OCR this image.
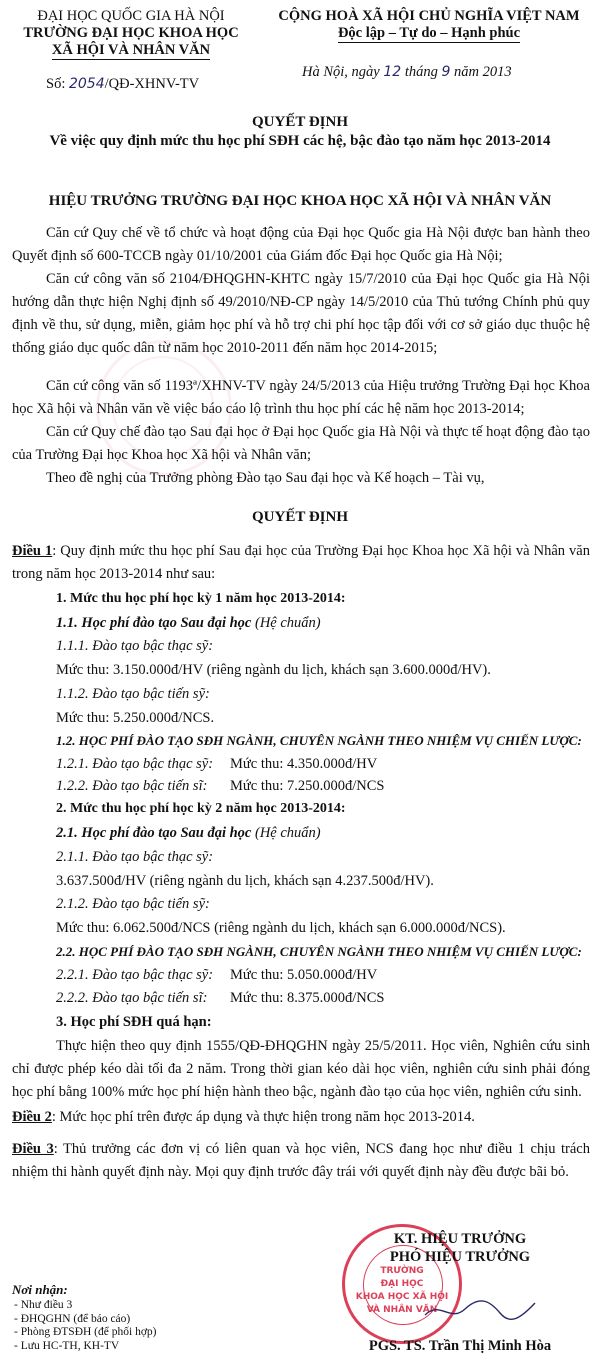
ĐẠI HỌC QUỐC GIA HÀ NỘI
TRƯỜNG ĐẠI HỌC KHOA HỌC
XÃ HỘI VÀ NHÂN VĂN
Số: 2054/QĐ-XHNV-TV
CỘNG HOÀ XÃ HỘI CHỦ NGHĨA VIỆT NAM
Độc lập – Tự do – Hạnh phúc
Hà Nội, ngày 12 tháng 9 năm 2013
QUYẾT ĐỊNH
Về việc quy định mức thu học phí SĐH các hệ, bậc đào tạo năm học 2013-2014
HIỆU TRƯỞNG TRƯỜNG ĐẠI HỌC KHOA HỌC XÃ HỘI VÀ NHÂN VĂN
Căn cứ Quy chế về tổ chức và hoạt động của Đại học Quốc gia Hà Nội được ban hành theo Quyết định số 600-TCCB ngày 01/10/2001 của Giám đốc Đại học Quốc gia Hà Nội;
Căn cứ công văn số 2104/ĐHQGHN-KHTC ngày 15/7/2010 của Đại học Quốc gia Hà Nội hướng dẫn thực hiện Nghị định số 49/2010/NĐ-CP ngày 14/5/2010 của Thủ tướng Chính phủ quy định về thu, sử dụng, miễn, giảm học phí và hỗ trợ chi phí học tập đối với cơ sở giáo dục thuộc hệ thống giáo dục quốc dân từ năm học 2010-2011 đến năm học 2014-2015;
Căn cứ công văn số 1193ª/XHNV-TV ngày 24/5/2013 của Hiệu trưởng Trường Đại học Khoa học Xã hội và Nhân văn về việc báo cáo lộ trình thu học phí các hệ năm học 2013-2014;
Căn cứ Quy chế đào tạo Sau đại học ở Đại học Quốc gia Hà Nội và thực tế hoạt động đào tạo của Trường Đại học Khoa học Xã hội và Nhân văn;
Theo đề nghị của Trưởng phòng Đào tạo Sau đại học và Kế hoạch – Tài vụ,
QUYẾT ĐỊNH
Điều 1: Quy định mức thu học phí Sau đại học của Trường Đại học Khoa học Xã hội và Nhân văn trong năm học 2013-2014 như sau:
1. Mức thu học phí học kỳ 1 năm học 2013-2014:
1.1. Học phí đào tạo Sau đại học (Hệ chuẩn)
1.1.1. Đào tạo bậc thạc sỹ:
Mức thu: 3.150.000đ/HV (riêng ngành du lịch, khách sạn 3.600.000đ/HV).
1.1.2. Đào tạo bậc tiến sỹ:
Mức thu: 5.250.000đ/NCS.
1.2. HỌC PHÍ ĐÀO TẠO SĐH NGÀNH, CHUYÊN NGÀNH THEO NHIỆM VỤ CHIẾN LƯỢC:
1.2.1. Đào tạo bậc thạc sỹ: Mức thu: 4.350.000đ/HV
1.2.2. Đào tạo bậc tiến sĩ: Mức thu: 7.250.000đ/NCS
2. Mức thu học phí học kỳ 2 năm học 2013-2014:
2.1. Học phí đào tạo Sau đại học (Hệ chuẩn)
2.1.1. Đào tạo bậc thạc sỹ:
3.637.500đ/HV (riêng ngành du lịch, khách sạn 4.237.500đ/HV).
2.1.2. Đào tạo bậc tiến sỹ:
Mức thu: 6.062.500đ/NCS (riêng ngành du lịch, khách sạn 6.000.000đ/NCS).
2.2. HỌC PHÍ ĐÀO TẠO SĐH NGÀNH, CHUYÊN NGÀNH THEO NHIỆM VỤ CHIẾN LƯỢC:
2.2.1. Đào tạo bậc thạc sỹ: Mức thu: 5.050.000đ/HV
2.2.2. Đào tạo bậc tiến sĩ: Mức thu: 8.375.000đ/NCS
3. Học phí SĐH quá hạn:
Thực hiện theo quy định 1555/QĐ-ĐHQGHN ngày 25/5/2011. Học viên, Nghiên cứu sinh chỉ được phép kéo dài tối đa 2 năm. Trong thời gian kéo dài học viên, nghiên cứu sinh phải đóng học phí bằng 100% mức học phí hiện hành theo bậc, ngành đào tạo của học viên, nghiên cứu sinh.
Điều 2: Mức học phí trên được áp dụng và thực hiện trong năm học 2013-2014.
Điều 3: Thủ trưởng các đơn vị có liên quan và học viên, NCS đang học như điều 1 chịu trách nhiệm thi hành quyết định này. Mọi quy định trước đây trái với quyết định này đều được bãi bỏ.
Nơi nhận:
- Như điều 3
- ĐHQGHN (để báo cáo)
- Phòng ĐTSĐH (để phối hợp)
- Lưu HC-TH, KH-TV
TRƯỜNG
ĐẠI HỌC
KHOA HỌC XÃ HỘI
VÀ NHÂN VĂN
KT. HIỆU TRƯỞNG
PHÓ HIỆU TRƯỞNG
PGS. TS. Trần Thị Minh Hòa
